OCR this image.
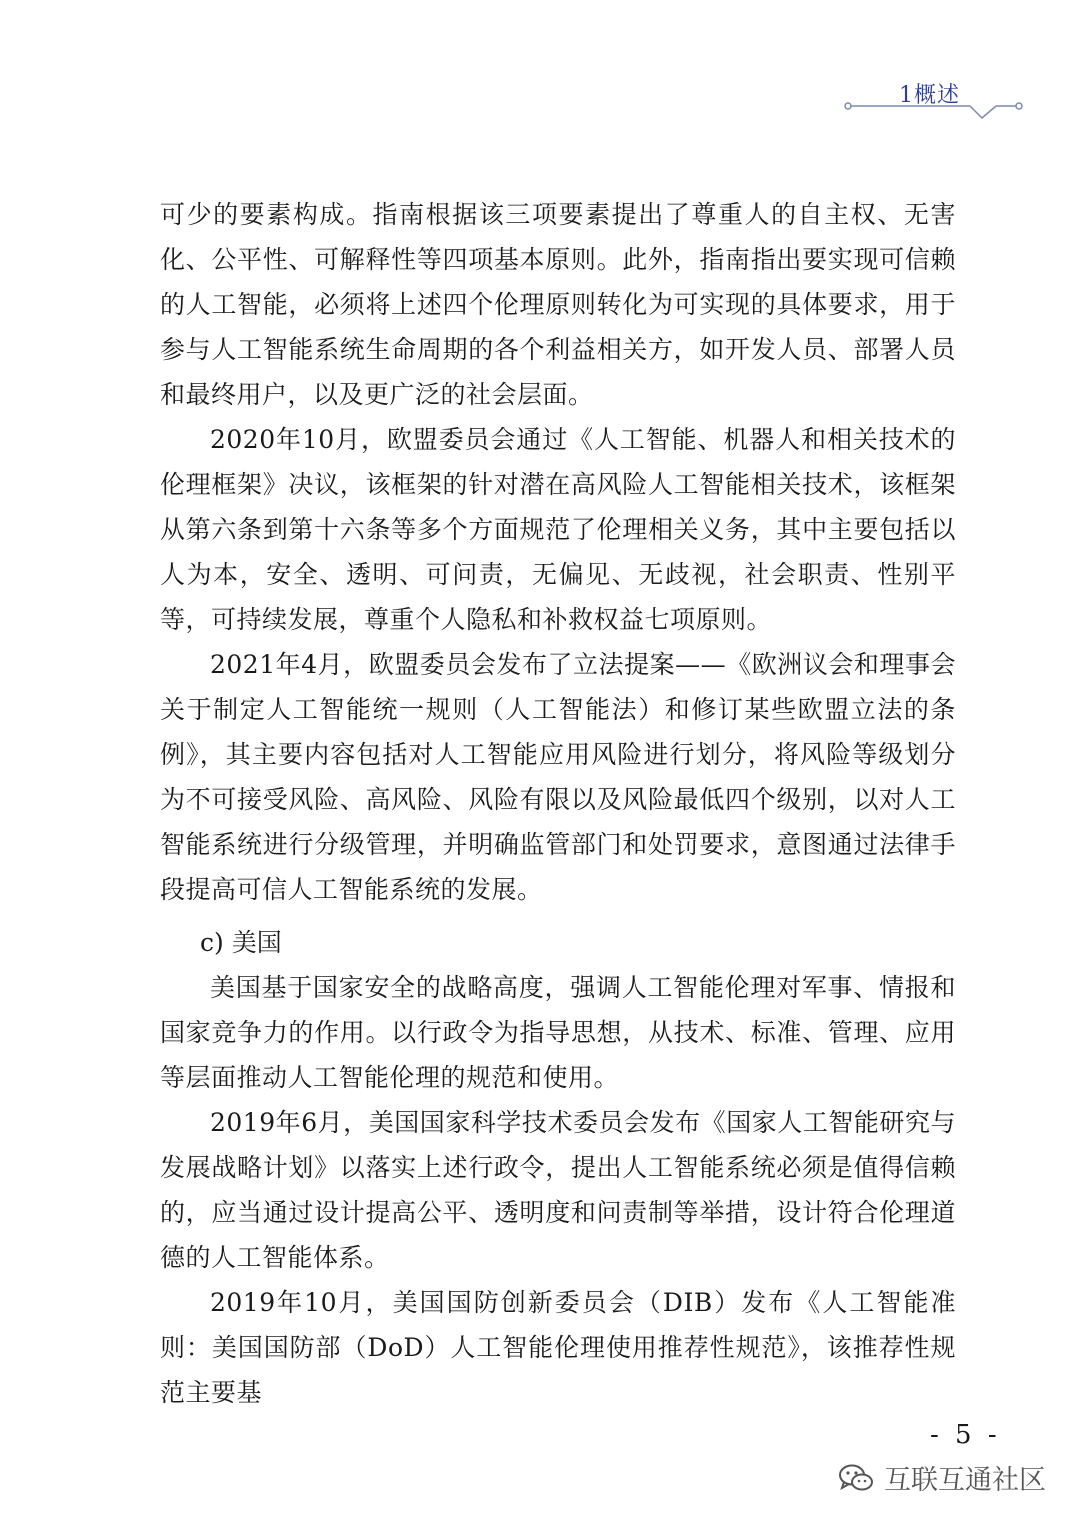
1概述

可少的要素构成。指南根据该三项要素提出了尊重人的自主权、无害化、公平性、可解释性等四项基本原则。此外，指南指出要实现可信赖的人工智能，必须将上述四个伦理原则转化为可实现的具体要求，用于参与人工智能系统生命周期的各个利益相关方，如开发人员、部署人员和最终用户，以及更广泛的社会层面。

2020年10月，欧盟委员会通过《人工智能、机器人和相关技术的伦理框架》决议，该框架的针对潜在高风险人工智能相关技术，该框架从第六条到第十六条等多个方面规范了伦理相关义务，其中主要包括以人为本，安全、透明、可问责，无偏见、无歧视，社会职责、性别平等，可持续发展，尊重个人隐私和补救权益七项原则。

2021年4月，欧盟委员会发布了立法提案——《欧洲议会和理事会关于制定人工智能统一规则（人工智能法）和修订某些欧盟立法的条例》，其主要内容包括对人工智能应用风险进行划分，将风险等级划分为不可接受风险、高风险、风险有限以及风险最低四个级别，以对人工智能系统进行分级管理，并明确监管部门和处罚要求，意图通过法律手段提高可信人工智能系统的发展。

c) 美国

美国基于国家安全的战略高度，强调人工智能伦理对军事、情报和国家竞争力的作用。以行政令为指导思想，从技术、标准、管理、应用等层面推动人工智能伦理的规范和使用。

2019年6月，美国国家科学技术委员会发布《国家人工智能研究与发展战略计划》以落实上述行政令，提出人工智能系统必须是值得信赖的，应当通过设计提高公平、透明度和问责制等举措，设计符合伦理道德的人工智能体系。

2019年10月，美国国防创新委员会（DIB）发布《人工智能准则：美国国防部（DoD）人工智能伦理使用推荐性规范》，该推荐性规范主要基

- 5 -
互联互通社区
